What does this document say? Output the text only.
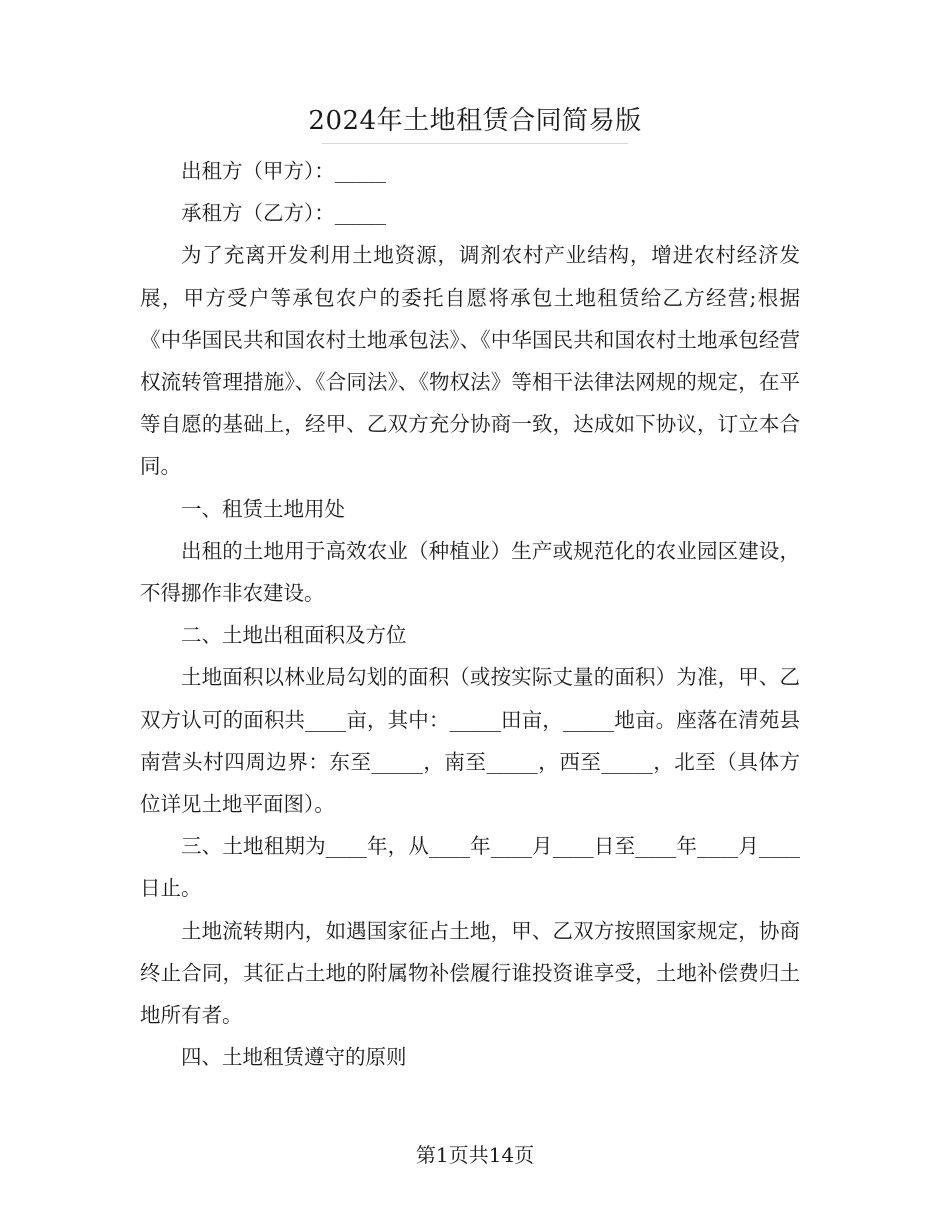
2024年土地租赁合同简易版

出租方（甲方）：_____

承租方（乙方）：_____

为了充离开发利用土地资源，调剂农村产业结构，增进农村经济发展，甲方受户等承包农户的委托自愿将承包土地租赁给乙方经营;根据《中华国民共和国农村土地承包法》、《中华国民共和国农村土地承包经营权流转管理措施》、《合同法》、《物权法》等相干法律法网规的规定，在平等自愿的基础上，经甲、乙双方充分协商一致，达成如下协议，订立本合同。

一、租赁土地用处

出租的土地用于高效农业（种植业）生产或规范化的农业园区建设，不得挪作非农建设。

二、土地出租面积及方位

土地面积以林业局勾划的面积（或按实际丈量的面积）为准，甲、乙双方认可的面积共____亩，其中：_____田亩，_____地亩。座落在清苑县南营头村四周边界：东至_____，南至_____，西至_____，北至（具体方位详见土地平面图）。

三、土地租期为____年，从____年____月____日至____年____月____日止。

土地流转期内，如遇国家征占土地，甲、乙双方按照国家规定，协商终止合同，其征占土地的附属物补偿履行谁投资谁享受，土地补偿费归土地所有者。

四、土地租赁遵守的原则

第1页共14页
